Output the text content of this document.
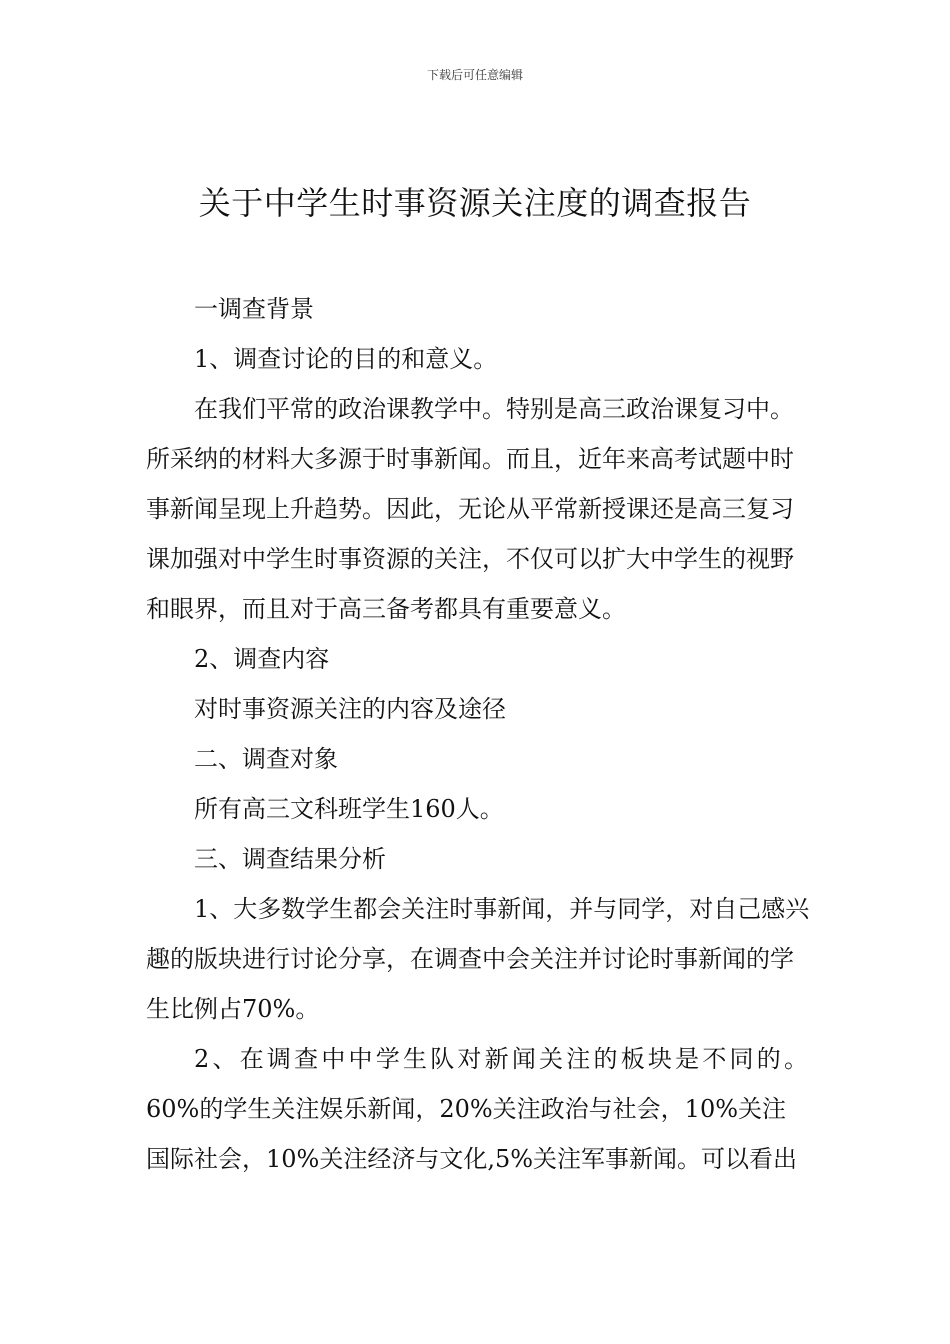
下载后可任意编辑
关于中学生时事资源关注度的调查报告

一调查背景

1、调查讨论的目的和意义。

在我们平常的政治课教学中。特别是高三政治课复习中。所采纳的材料大多源于时事新闻。而且，近年来高考试题中时事新闻呈现上升趋势。因此，无论从平常新授课还是高三复习课加强对中学生时事资源的关注，不仅可以扩大中学生的视野和眼界，而且对于高三备考都具有重要意义。

2、调查内容

对时事资源关注的内容及途径

二、调查对象

所有高三文科班学生160人。

三、调查结果分析

1、大多数学生都会关注时事新闻，并与同学，对自己感兴趣的版块进行讨论分享，在调查中会关注并讨论时事新闻的学生比例占70%。

2、在调查中中学生队对新闻关注的板块是不同的。

60%的学生关注娱乐新闻，20%关注政治与社会，10%关注国际社会，10%关注经济与文化,5%关注军事新闻。可以看出
